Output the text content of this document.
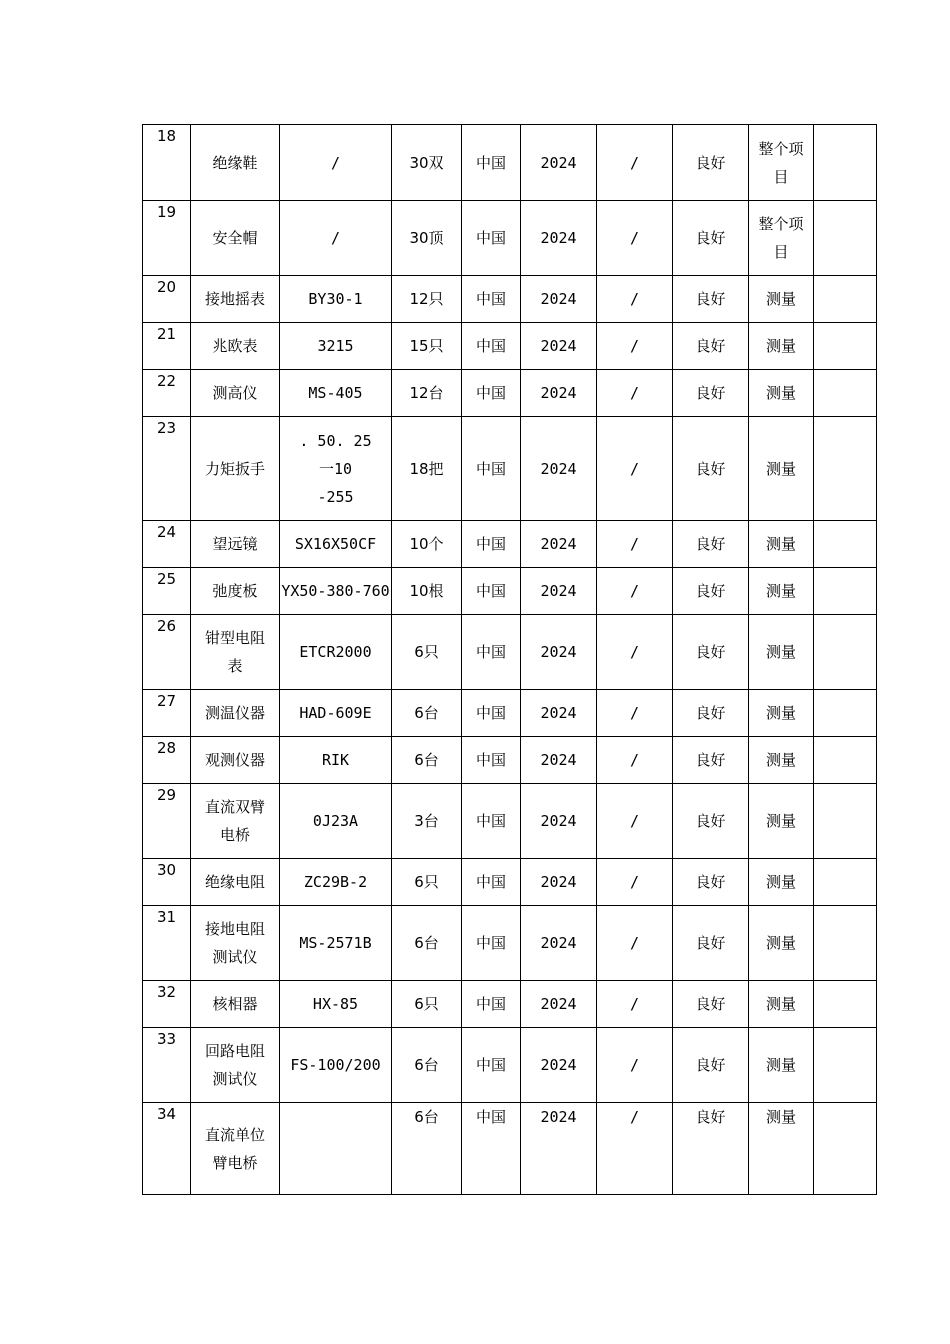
18	绝缘鞋	/	30双	中国	2024	/	良好	整个项
目	

19	安全帽	/	30顶	中国	2024	/	良好	整个项
目	

20	接地摇表	BY30-1	12只	中国	2024	/	良好	测量	

21	兆欧表	3215	15只	中国	2024	/	良好	测量	

22	测高仪	MS-405	12台	中国	2024	/	良好	测量	

23	力矩扳手	. 50. 25
一10
-255	18把	中国	2024	/	良好	测量	

24	望远镜	SX16X50CF	10个	中国	2024	/	良好	测量	

25	弛度板	YX50-380-760	10根	中国	2024	/	良好	测量	

26	钳型电阻
表	ETCR2000	6只	中国	2024	/	良好	测量	

27	测温仪器	HAD-609E	6台	中国	2024	/	良好	测量	

28	观测仪器	RIK	6台	中国	2024	/	良好	测量	

29	直流双臂
电桥	0J23A	3台	中国	2024	/	良好	测量	

30	绝缘电阻	ZC29B-2	6只	中国	2024	/	良好	测量	

31	接地电阻
测试仪	MS-2571B	6台	中国	2024	/	良好	测量	

32	核相器	HX-85	6只	中国	2024	/	良好	测量	

33	回路电阻
测试仪	FS-100/200	6台	中国	2024	/	良好	测量	

34	直流单位
臂电桥		6台	中国	2024	/	良好	测量	
